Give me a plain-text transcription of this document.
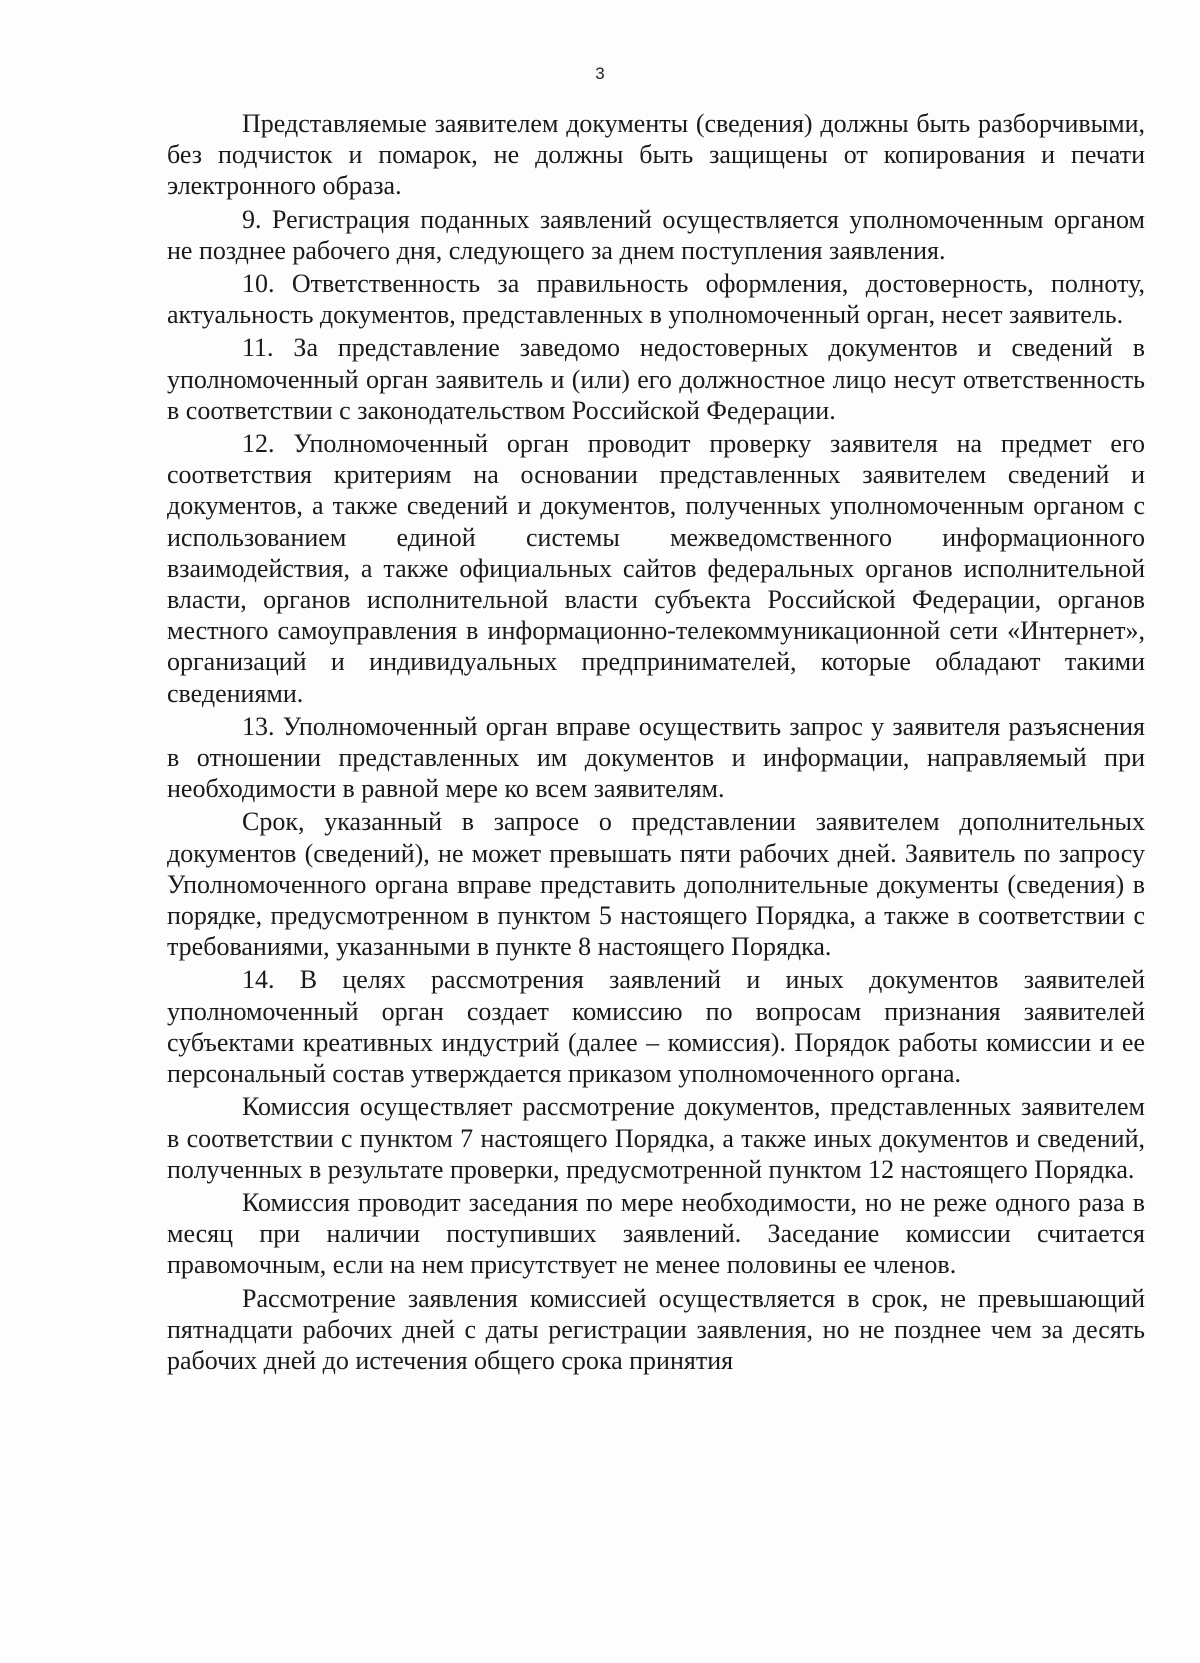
3

Представляемые заявителем документы (сведения) должны быть разборчивыми, без подчисток и помарок, не должны быть защищены от копирования и печати электронного образа.

9. Регистрация поданных заявлений осуществляется уполномоченным органом не позднее рабочего дня, следующего за днем поступления заявления.

10. Ответственность за правильность оформления, достоверность, полноту, актуальность документов, представленных в уполномоченный орган, несет заявитель.

11. За представление заведомо недостоверных документов и сведений в уполномоченный орган заявитель и (или) его должностное лицо несут ответственность в соответствии с законодательством Российской Федерации.

12. Уполномоченный орган проводит проверку заявителя на предмет его соответствия критериям на основании представленных заявителем сведений и документов, а также сведений и документов, полученных уполномоченным органом с использованием единой системы межведомственного информационного взаимодействия, а также официальных сайтов федеральных органов исполнительной власти, органов исполнительной власти субъекта Российской Федерации, органов местного самоуправления в информационно-телекоммуникационной сети «Интернет», организаций и индивидуальных предпринимателей, которые обладают такими сведениями.

13. Уполномоченный орган вправе осуществить запрос у заявителя разъяснения в отношении представленных им документов и информации, направляемый при необходимости в равной мере ко всем заявителям.

Срок, указанный в запросе о представлении заявителем дополнительных документов (сведений), не может превышать пяти рабочих дней. Заявитель по запросу Уполномоченного органа вправе представить дополнительные документы (сведения) в порядке, предусмотренном в пунктом 5 настоящего Порядка, а также в соответствии с требованиями, указанными в пункте 8 настоящего Порядка.

14. В целях рассмотрения заявлений и иных документов заявителей уполномоченный орган создает комиссию по вопросам признания заявителей субъектами креативных индустрий (далее – комиссия). Порядок работы комиссии и ее персональный состав утверждается приказом уполномоченного органа.

Комиссия осуществляет рассмотрение документов, представленных заявителем в соответствии с пунктом 7 настоящего Порядка, а также иных документов и сведений, полученных в результате проверки, предусмотренной пунктом 12 настоящего Порядка.

Комиссия проводит заседания по мере необходимости, но не реже одного раза в месяц при наличии поступивших заявлений. Заседание комиссии считается правомочным, если на нем присутствует не менее половины ее членов.

Рассмотрение заявления комиссией осуществляется в срок, не превышающий пятнадцати рабочих дней с даты регистрации заявления, но не позднее чем за десять рабочих дней до истечения общего срока принятия
